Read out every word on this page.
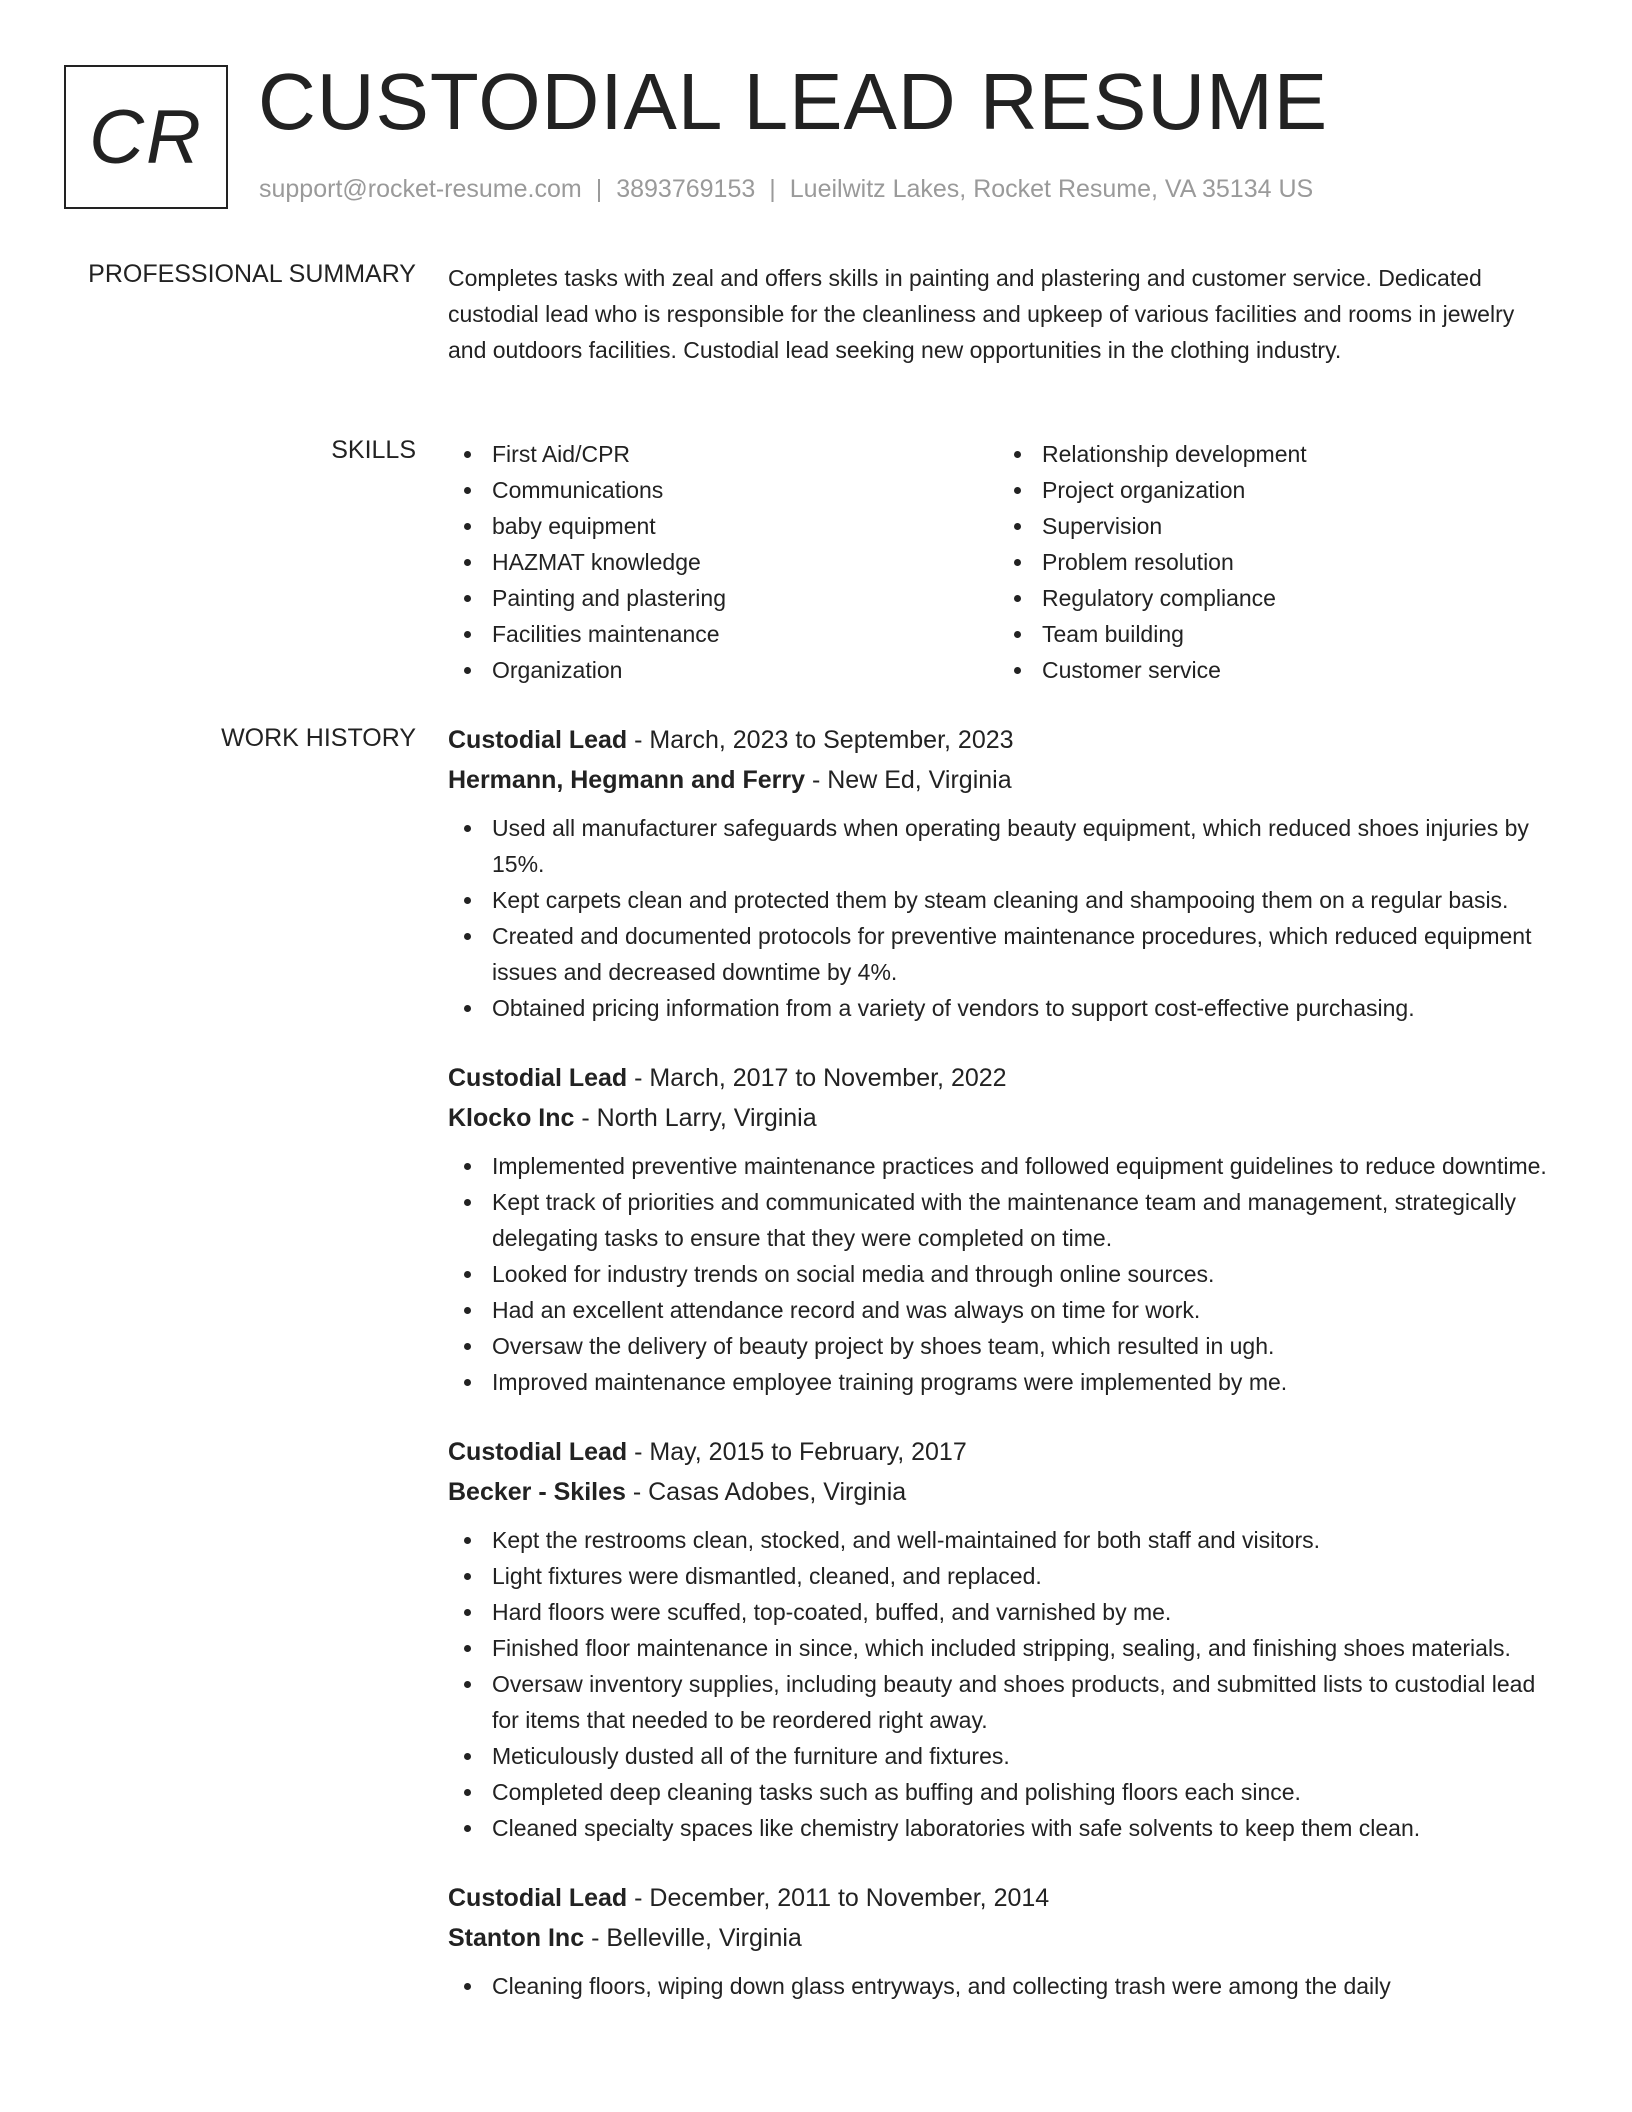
CR CUSTODIAL LEAD RESUME
support@rocket-resume.com | 3893769153 | Lueilwitz Lakes, Rocket Resume, VA 35134 US
PROFESSIONAL SUMMARY Completes tasks with zeal and offers skills in painting and plastering and customer service. Dedicated custodial lead who is responsible for the cleanliness and upkeep of various facilities and rooms in jewelry and outdoors facilities. Custodial lead seeking new opportunities in the clothing industry.
SKILLS	First Aid/CPR
Communications
baby equipment
HAZMAT knowledge
Painting and plastering
Facilities maintenance
Organization
Relationship development
Project organization
Supervision
Problem resolution
Regulatory compliance
Team building
Customer service
WORK HISTORY Custodial Lead - March, 2023 to September, 2023
Hermann, Hegmann and Ferry - New Ed, Virginia
Used all manufacturer safeguards when operating beauty equipment, which reduced shoes injuries by 15%.
Kept carpets clean and protected them by steam cleaning and shampooing them on a regular basis.
Created and documented protocols for preventive maintenance procedures, which reduced equipment issues and decreased downtime by 4%.
Obtained pricing information from a variety of vendors to support cost-effective purchasing.
Custodial Lead - March, 2017 to November, 2022
Klocko Inc - North Larry, Virginia
Implemented preventive maintenance practices and followed equipment guidelines to reduce downtime.
Kept track of priorities and communicated with the maintenance team and management, strategically delegating tasks to ensure that they were completed on time.
Looked for industry trends on social media and through online sources.
Had an excellent attendance record and was always on time for work.
Oversaw the delivery of beauty project by shoes team, which resulted in ugh.
Improved maintenance employee training programs were implemented by me.
Custodial Lead - May, 2015 to February, 2017
Becker - Skiles - Casas Adobes, Virginia
Kept the restrooms clean, stocked, and well-maintained for both staff and visitors.
Light fixtures were dismantled, cleaned, and replaced.
Hard floors were scuffed, top-coated, buffed, and varnished by me.
Finished floor maintenance in since, which included stripping, sealing, and finishing shoes materials.
Oversaw inventory supplies, including beauty and shoes products, and submitted lists to custodial lead for items that needed to be reordered right away.
Meticulously dusted all of the furniture and fixtures.
Completed deep cleaning tasks such as buffing and polishing floors each since.
Cleaned specialty spaces like chemistry laboratories with safe solvents to keep them clean.
Custodial Lead - December, 2011 to November, 2014
Stanton Inc - Belleville, Virginia
Cleaning floors, wiping down glass entryways, and collecting trash were among the daily
